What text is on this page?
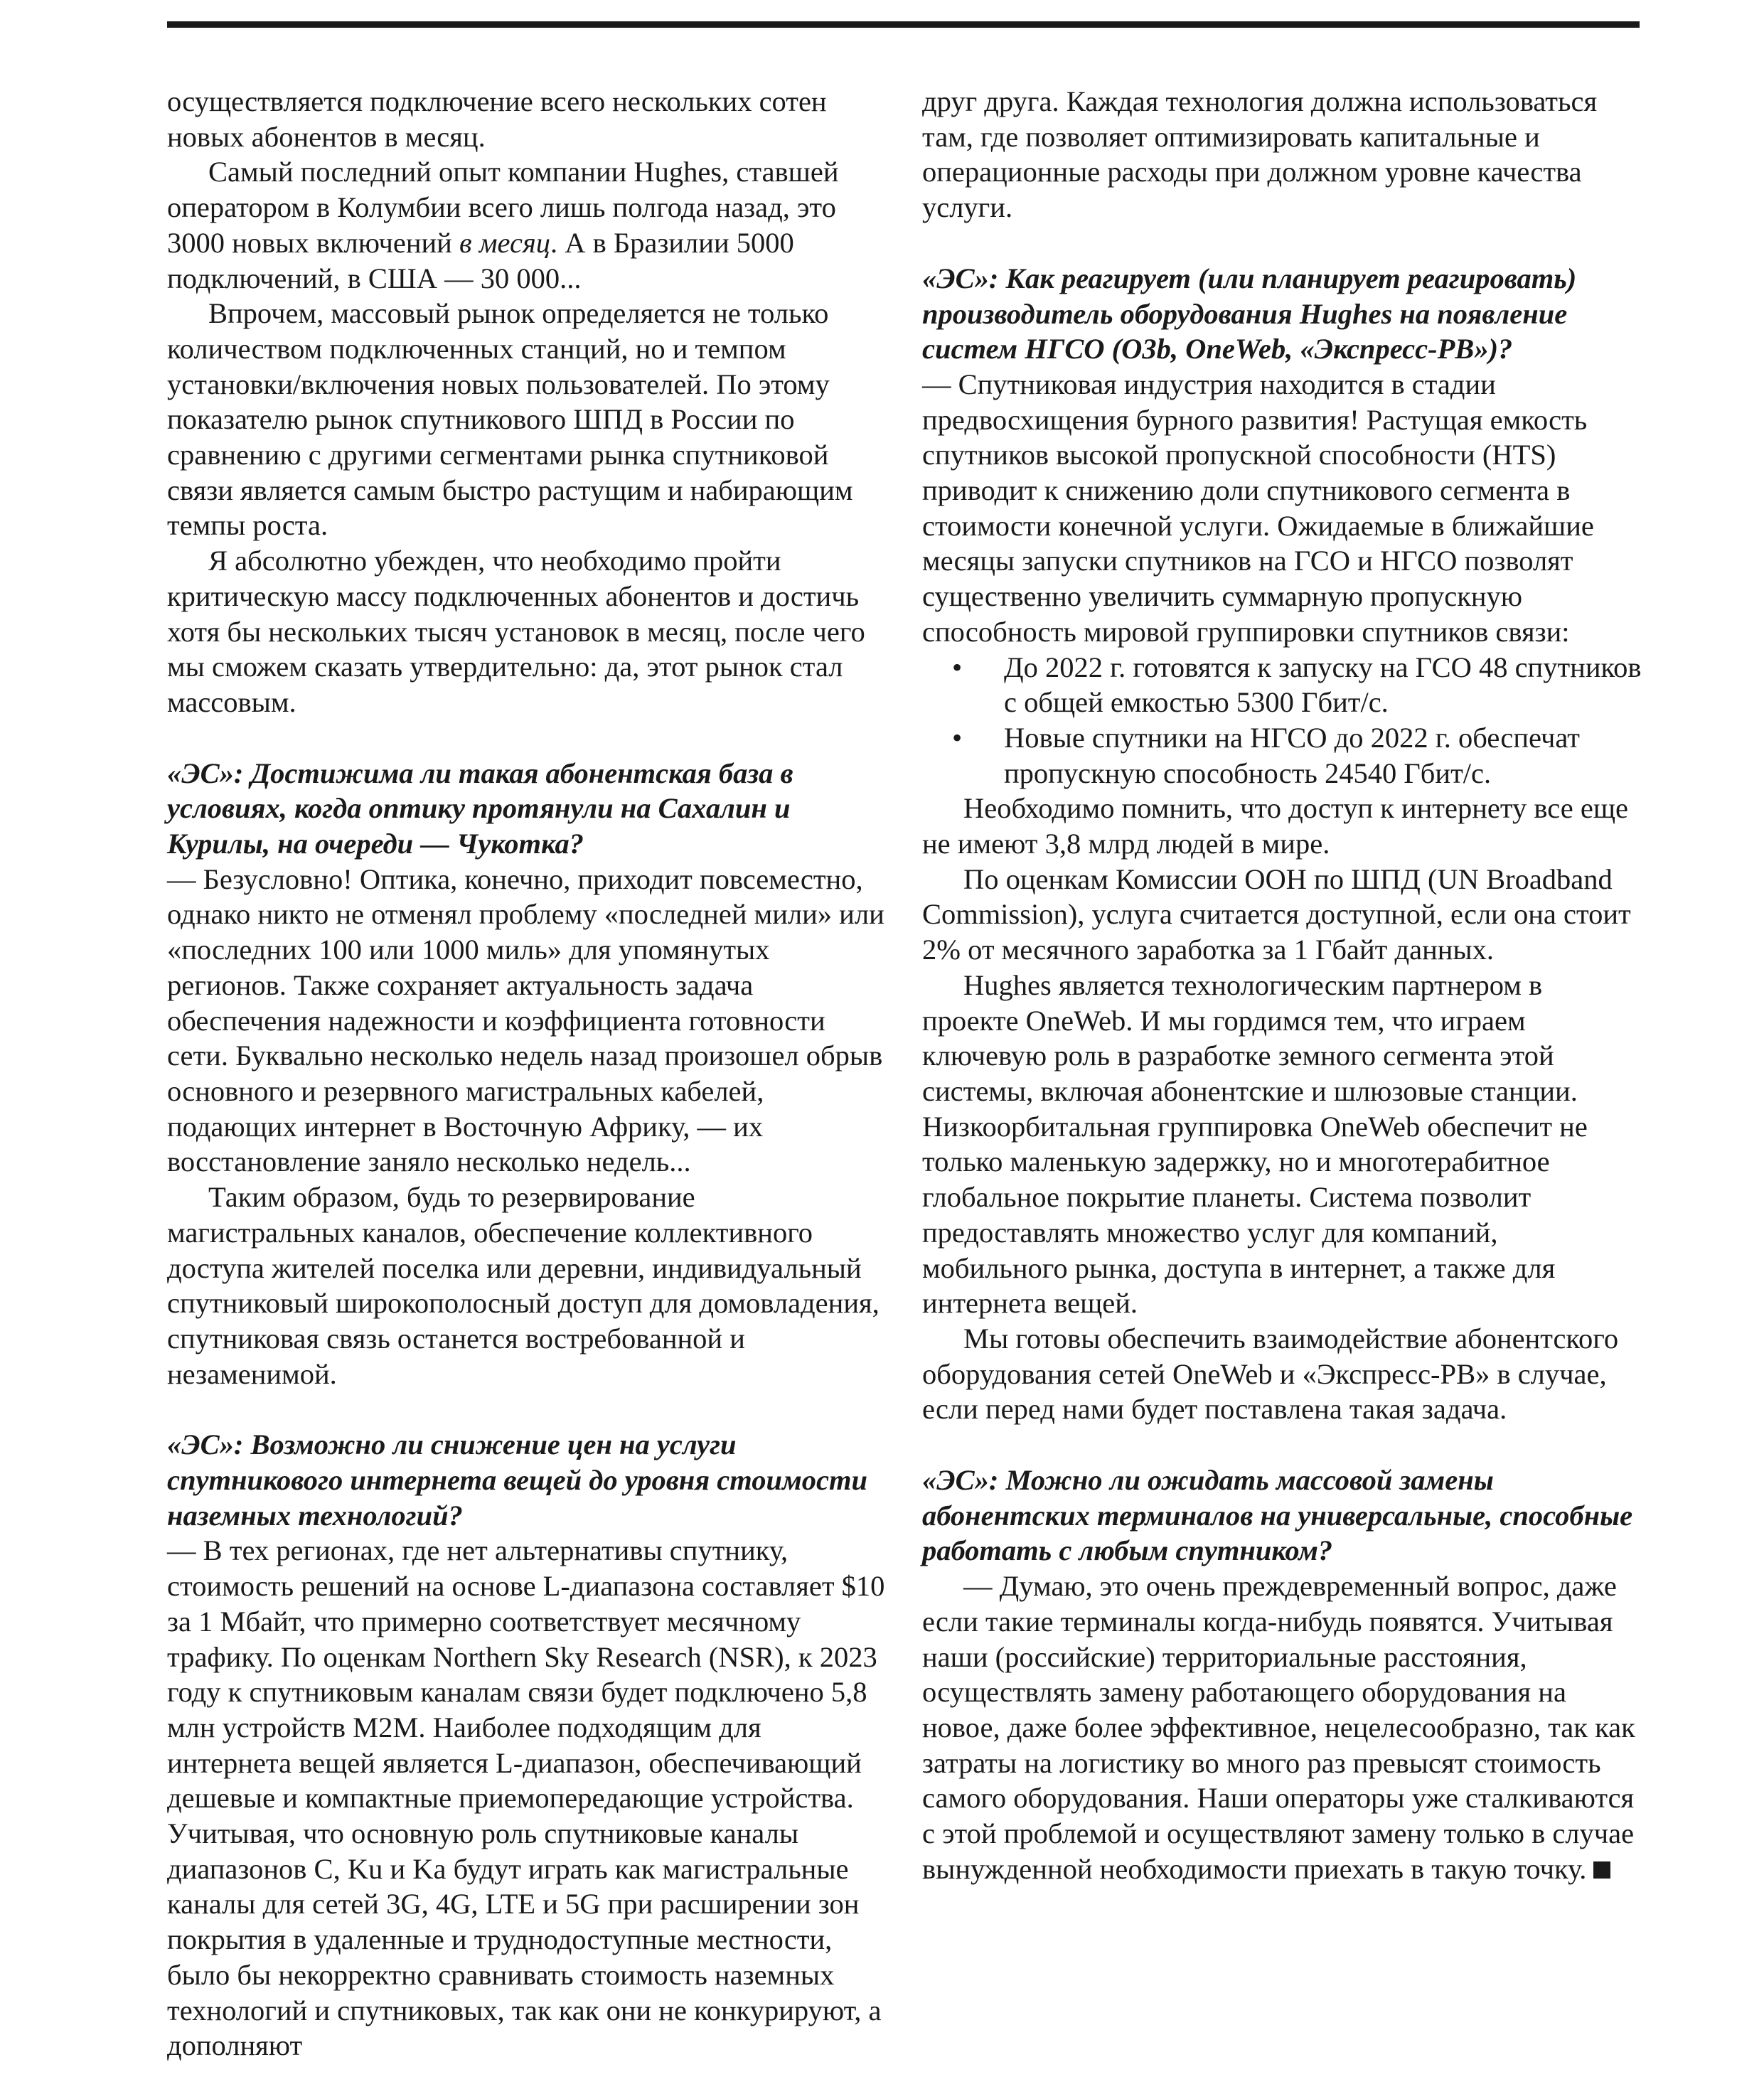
осуществляется подключение всего нескольких сотен новых абонентов в месяц.

Самый последний опыт компании Hughes, ставшей оператором в Колумбии всего лишь полгода назад, это 3000 новых включений в месяц. А в Бразилии 5000 подключений, в США — 30 000...

Впрочем, массовый рынок определяется не только количеством подключенных станций, но и темпом установки/включения новых пользователей. По этому показателю рынок спутникового ШПД в России по сравнению с другими сегментами рынка спутниковой связи является самым быстро растущим и набирающим темпы роста.

Я абсолютно убежден, что необходимо пройти критическую массу подключенных абонентов и достичь хотя бы нескольких тысяч установок в месяц, после чего мы сможем сказать утвердительно: да, этот рынок стал массовым.

«ЭС»: Достижима ли такая абонентская база в условиях, когда оптику протянули на Сахалин и Курилы, на очереди — Чукотка?

— Безусловно! Оптика, конечно, приходит повсеместно, однако никто не отменял проблему «последней мили» или «последних 100 или 1000 миль» для упомянутых регионов. Также сохраняет актуальность задача обеспечения надежности и коэффициента готовности сети. Буквально несколько недель назад произошел обрыв основного и резервного магистральных кабелей, подающих интернет в Восточную Африку, — их восстановление заняло несколько недель...

Таким образом, будь то резервирование магистральных каналов, обеспечение коллективного доступа жителей поселка или деревни, индивидуальный спутниковый широкополосный доступ для домовладения, спутниковая связь останется востребованной и незаменимой.

«ЭС»: Возможно ли снижение цен на услуги спутникового интернета вещей до уровня стоимости наземных технологий?

— В тех регионах, где нет альтернативы спутнику, стоимость решений на основе L-диапазона составляет $10 за 1 Мбайт, что примерно соответствует месячному трафику. По оценкам Northern Sky Research (NSR), к 2023 году к спутниковым каналам связи будет подключено 5,8 млн устройств M2M. Наиболее подходящим для интернета вещей является L-диапазон, обеспечивающий дешевые и компактные приемопередающие устройства. Учитывая, что основную роль спутниковые каналы диапазонов C, Ku и Ka будут играть как магистральные каналы для сетей 3G, 4G, LTE и 5G при расширении зон покрытия в удаленные и труднодоступные местности, было бы некорректно сравнивать стоимость наземных технологий и спутниковых, так как они не конкурируют, а дополняют

друг друга. Каждая технология должна использоваться там, где позволяет оптимизировать капитальные и операционные расходы при должном уровне качества услуги.

«ЭС»: Как реагирует (или планирует реагировать) производитель оборудования Hughes на появление систем НГСО (O3b, OneWeb, «Экспресс-РВ»)?

— Спутниковая индустрия находится в стадии предвосхищения бурного развития! Растущая емкость спутников высокой пропускной способности (HTS) приводит к снижению доли спутникового сегмента в стоимости конечной услуги. Ожидаемые в ближайшие месяцы запуски спутников на ГСО и НГСО позволят существенно увеличить суммарную пропускную способность мировой группировки спутников связи:

• До 2022 г. готовятся к запуску на ГСО 48 спутников с общей емкостью 5300 Гбит/с.
• Новые спутники на НГСО до 2022 г. обеспечат пропускную способность 24540 Гбит/с.

Необходимо помнить, что доступ к интернету все еще не имеют 3,8 млрд людей в мире.

По оценкам Комиссии ООН по ШПД (UN Broadband Commission), услуга считается доступной, если она стоит 2% от месячного заработка за 1 Гбайт данных.

Hughes является технологическим партнером в проекте OneWeb. И мы гордимся тем, что играем ключевую роль в разработке земного сегмента этой системы, включая абонентские и шлюзовые станции. Низкоорбитальная группировка OneWeb обеспечит не только маленькую задержку, но и многотерабитное глобальное покрытие планеты. Система позволит предоставлять множество услуг для компаний, мобильного рынка, доступа в интернет, а также для интернета вещей.

Мы готовы обеспечить взаимодействие абонентского оборудования сетей OneWeb и «Экспресс-РВ» в случае, если перед нами будет поставлена такая задача.

«ЭС»: Можно ли ожидать массовой замены абонентских терминалов на универсальные, способные работать с любым спутником?

— Думаю, это очень преждевременный вопрос, даже если такие терминалы когда-нибудь появятся. Учитывая наши (российские) территориальные расстояния, осуществлять замену работающего оборудования на новое, даже более эффективное, нецелесообразно, так как затраты на логистику во много раз превысят стоимость самого оборудования. Наши операторы уже сталкиваются с этой проблемой и осуществляют замену только в случае вынужденной необходимости приехать в такую точку.
